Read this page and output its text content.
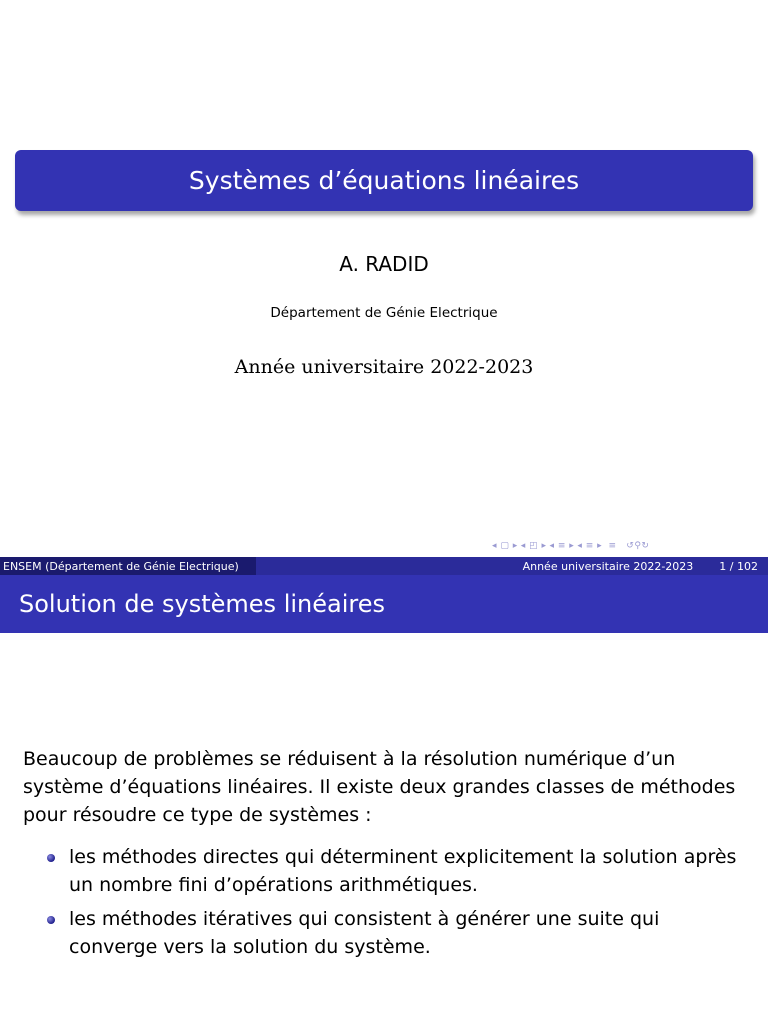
Systèmes d’équations linéaires
A. RADID
Département de Génie Electrique
Année universitaire 2022-2023
◂ ▢ ▸ ◂ ◰ ▸ ◂ ≡ ▸ ◂ ≡ ▸ ≡ ↺⚲↻
ENSEM (Département de Génie Electrique)	Année universitaire 2022-2023 1 / 102
Solution de systèmes linéaires
Beaucoup de problèmes se réduisent à la résolution numérique d’un système d’équations linéaires. Il existe deux grandes classes de méthodes pour résoudre ce type de systèmes :
les méthodes directes qui déterminent explicitement la solution après un nombre fini d’opérations arithmétiques.
les méthodes itératives qui consistent à générer une suite qui converge vers la solution du système.
